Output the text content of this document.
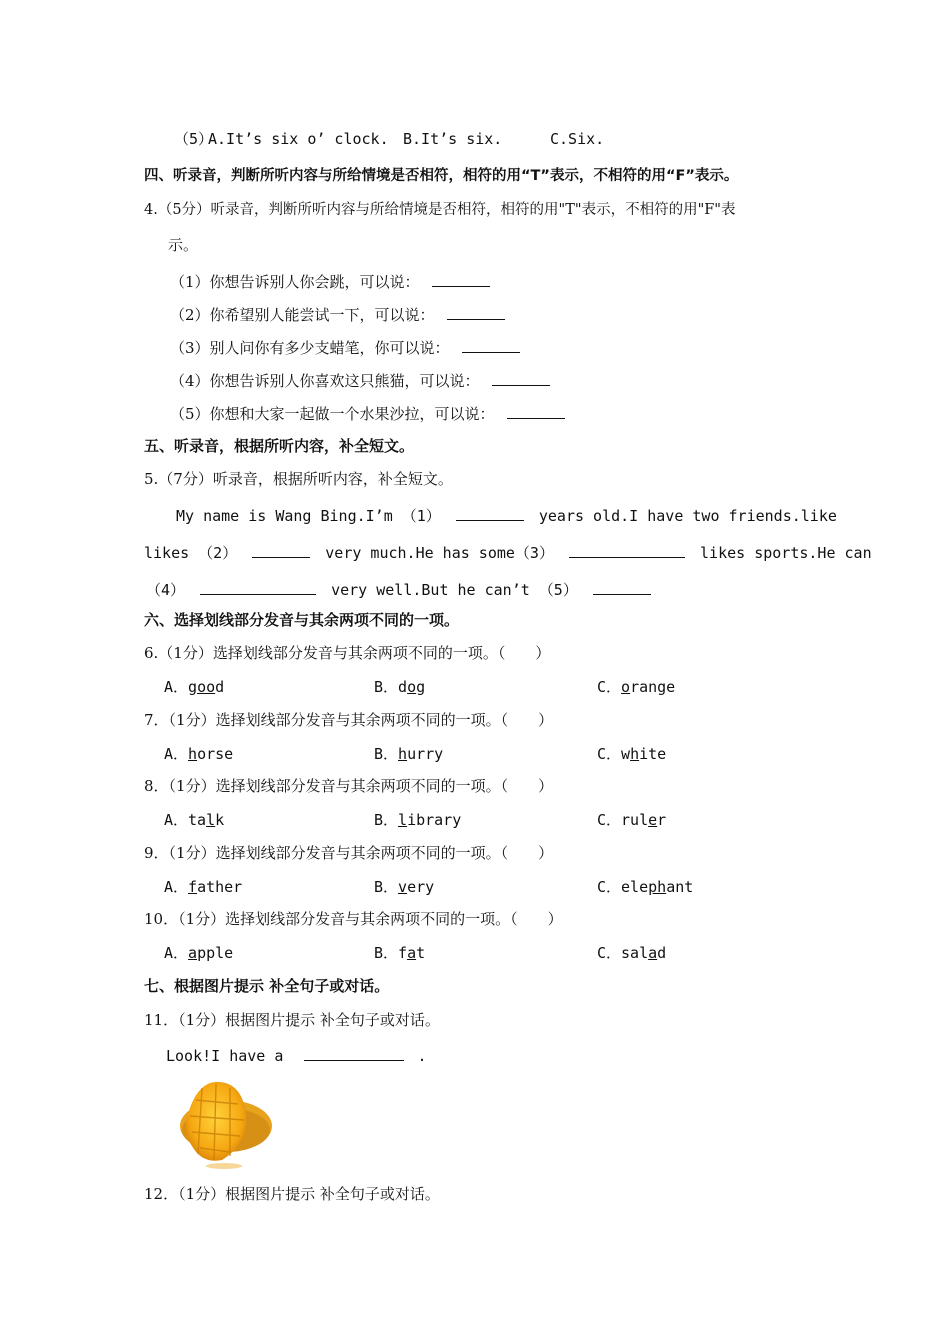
（5）
A.It’s six o’ clock. B.It’s six.	C.Six.
四、听录音，判断所听内容与所给情境是否相符，相符的用“T”表示，不相符的用“F”表示。
4.（5分）听录音，判断所听内容与所给情境是否相符，相符的用"T"表示，不相符的用"F"表
示。
（1）你想告诉别人你会跳，可以说：
（2）你希望别人能尝试一下，可以说：
（3）别人问你有多少支蜡笔，你可以说：
（4）你想告诉别人你喜欢这只熊猫，可以说：
（5）你想和大家一起做一个水果沙拉，可以说：
五、听录音，根据所听内容，补全短文。
5.（7分）听录音，根据所听内容，补全短文。
My name is Wang Bing.I’m （1）	years old.I have two friends.like
likes （2）	very much.He has some（3）	likes sports.He can
（4）	very well.But he can’t （5）
六、选择划线部分发音与其余两项不同的一项。
6.（1分）选择划线部分发音与其余两项不同的一项。（　　）
A．good	B．dog	C．orange
7．（1分）选择划线部分发音与其余两项不同的一项。（　　）
A．horse	B．hurry	C．white
8．（1分）选择划线部分发音与其余两项不同的一项。（　　）
A．talk	B．library	C．ruler
9．（1分）选择划线部分发音与其余两项不同的一项。（　　）
A．father	B．very	C．elephant
10．（1分）选择划线部分发音与其余两项不同的一项。（　　）
A．apple	B．fat	C．salad
七、根据图片提示 补全句子或对话。
11．（1分）根据图片提示 补全句子或对话。
Look!I have a	.
12．（1分）根据图片提示 补全句子或对话。
